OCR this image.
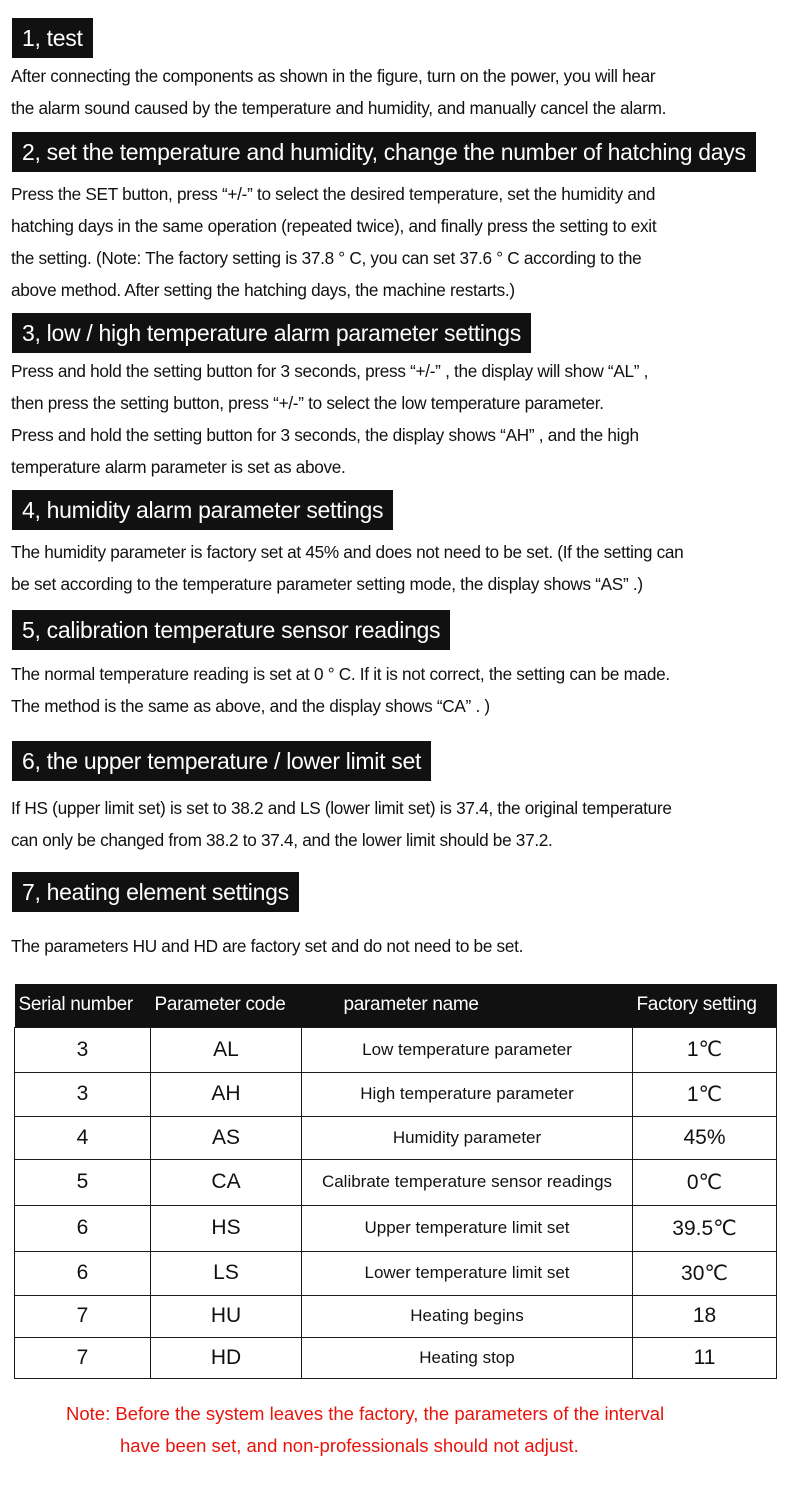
1, test
After connecting the components as shown in the figure, turn on the power, you will hear
the alarm sound caused by the temperature and humidity, and manually cancel the alarm.
2, set the temperature and humidity, change the number of hatching days
Press the SET button, press “+/-” to select the desired temperature, set the humidity and
hatching days in the same operation (repeated twice), and finally press the setting to exit
the setting. (Note: The factory setting is 37.8 ° C, you can set 37.6 ° C according to the
above method. After setting the hatching days, the machine restarts.)
3, low / high temperature alarm parameter settings
Press and hold the setting button for 3 seconds, press “+/-” , the display will show “AL” ,
then press the setting button, press “+/-” to select the low temperature parameter.
Press and hold the setting button for 3 seconds, the display shows “AH” , and the high
temperature alarm parameter is set as above.
4, humidity alarm parameter settings
The humidity parameter is factory set at 45% and does not need to be set. (If the setting can
be set according to the temperature parameter setting mode, the display shows “AS” .)
5, calibration temperature sensor readings
The normal temperature reading is set at 0 ° C. If it is not correct, the setting can be made.
The method is the same as above, and the display shows “CA” . )
6, the upper temperature / lower limit set
If HS (upper limit set) is set to 38.2 and LS (lower limit set) is 37.4, the original temperature
can only be changed from 38.2 to 37.4, and the lower limit should be 37.2.
7, heating element settings
The parameters HU and HD are factory set and do not need to be set.
Serial number	Parameter code	parameter name	Factory setting
3	AL	Low temperature parameter	1℃
3	AH	High temperature parameter	1℃
4	AS	Humidity parameter	45%
5	CA	Calibrate temperature sensor readings	0℃
6	HS	Upper temperature limit set	39.5℃
6	LS	Lower temperature limit set	30℃
7	HU	Heating begins	18
7	HD	Heating stop	11
Note: Before the system leaves the factory, the parameters of the interval
have been set, and non-professionals should not adjust.
